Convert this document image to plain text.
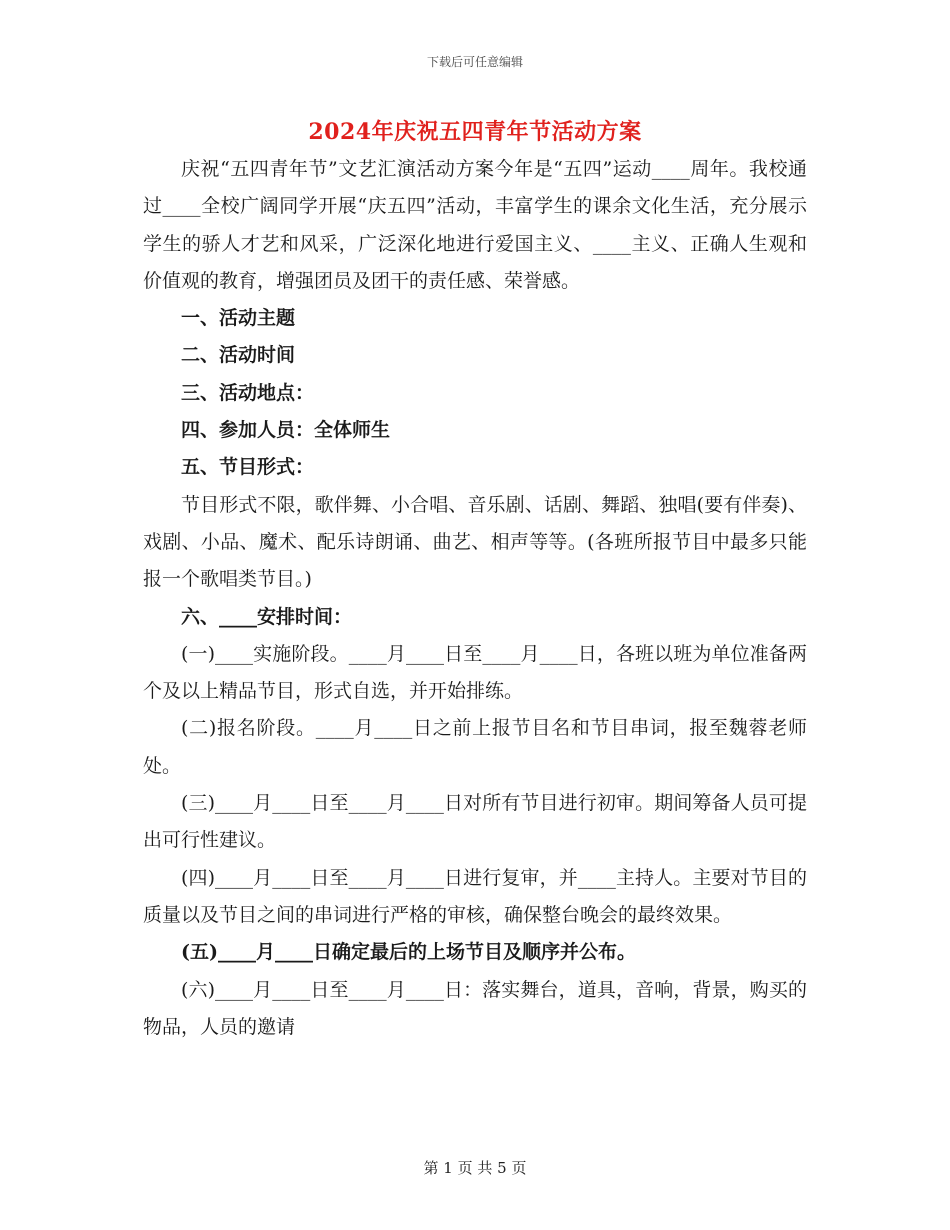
下载后可任意编辑
2024年庆祝五四青年节活动方案

庆祝“五四青年节”文艺汇演活动方案今年是“五四”运动____周年。我校通过____全校广阔同学开展“庆五四”活动，丰富学生的课余文化生活，充分展示学生的骄人才艺和风采，广泛深化地进行爱国主义、____主义、正确人生观和价值观的教育，增强团员及团干的责任感、荣誉感。

一、活动主题

二、活动时间

三、活动地点：

四、参加人员：全体师生

五、节目形式：

节目形式不限，歌伴舞、小合唱、音乐剧、话剧、舞蹈、独唱(要有伴奏)、戏剧、小品、魔术、配乐诗朗诵、曲艺、相声等等。(各班所报节目中最多只能报一个歌唱类节目。)

六、____安排时间：

(一)____实施阶段。____月____日至____月____日，各班以班为单位准备两个及以上精品节目，形式自选，并开始排练。

(二)报名阶段。____月____日之前上报节目名和节目串词，报至魏蓉老师处。

(三)____月____日至____月____日对所有节目进行初审。期间筹备人员可提出可行性建议。

(四)____月____日至____月____日进行复审，并____主持人。主要对节目的质量以及节目之间的串词进行严格的审核，确保整台晚会的最终效果。

(五)____月____日确定最后的上场节目及顺序并公布。

(六)____月____日至____月____日：落实舞台，道具，音响，背景，购买的物品，人员的邀请

第 1 页 共 5 页
